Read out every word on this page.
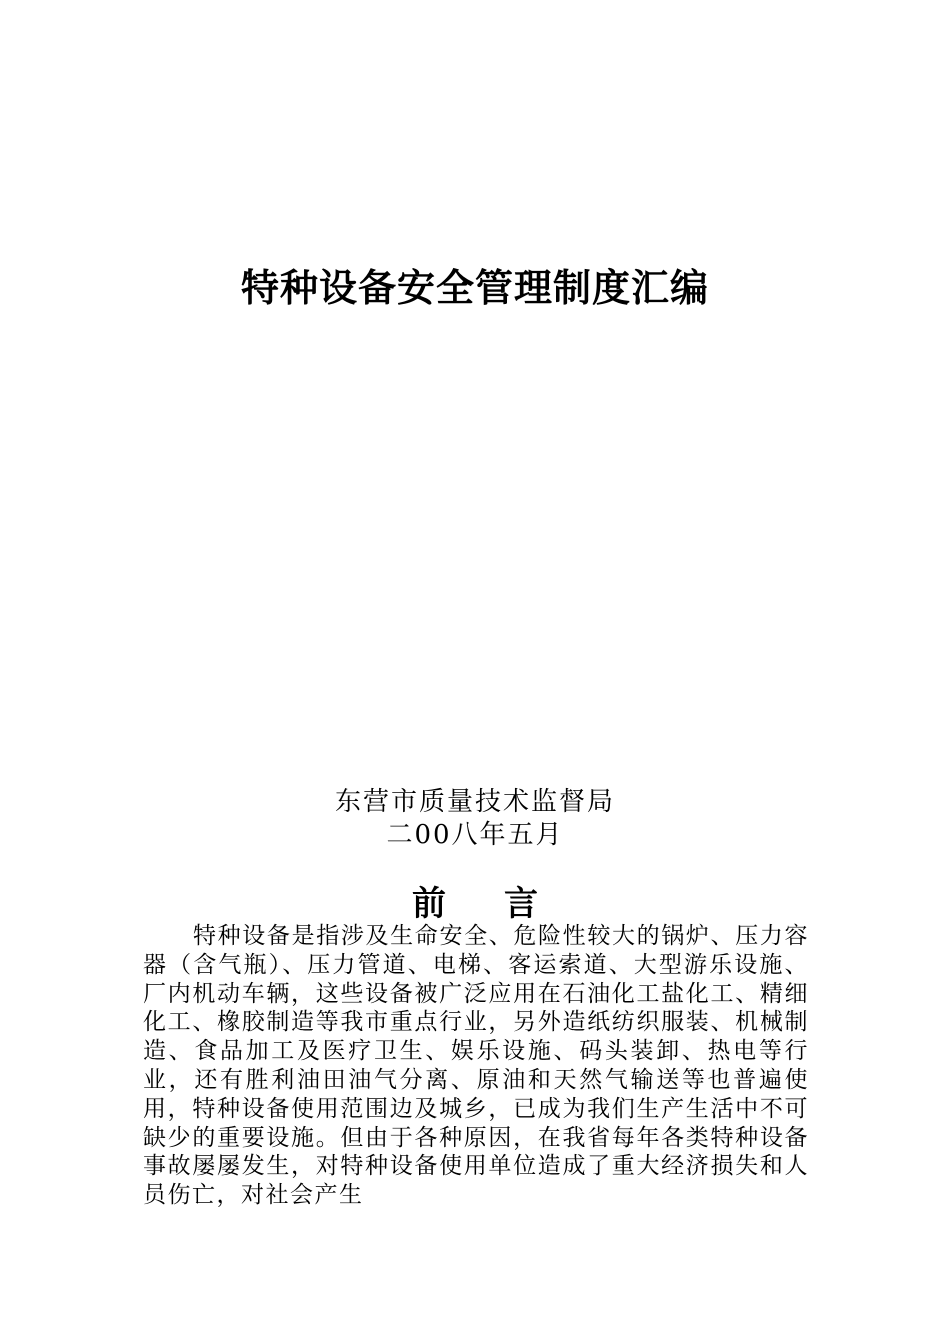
特种设备安全管理制度汇编
东营市质量技术监督局
二00八年五月
前 言
特种设备是指涉及生命安全、危险性较大的锅炉、压力容器（含气瓶）、压力管道、电梯、客运索道、大型游乐设施、厂内机动车辆，这些设备被广泛应用在石油化工盐化工、精细化工、橡胶制造等我市重点行业，另外造纸纺织服装、机械制造、食品加工及医疗卫生、娱乐设施、码头装卸、热电等行业，还有胜利油田油气分离、原油和天然气输送等也普遍使用，特种设备使用范围边及城乡，已成为我们生产生活中不可缺少的重要设施。但由于各种原因，在我省每年各类特种设备事故屡屡发生，对特种设备使用单位造成了重大经济损失和人员伤亡，对社会产生
